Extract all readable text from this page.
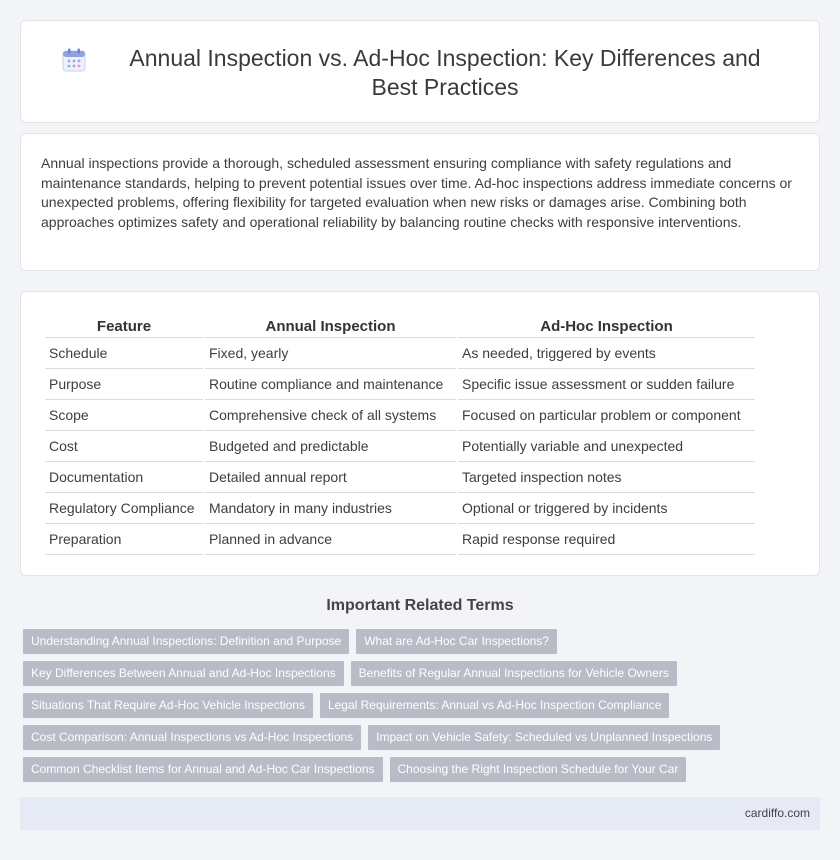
Annual Inspection vs. Ad-Hoc Inspection: Key Differences and Best Practices

Annual inspections provide a thorough, scheduled assessment ensuring compliance with safety regulations and maintenance standards, helping to prevent potential issues over time. Ad-hoc inspections address immediate concerns or unexpected problems, offering flexibility for targeted evaluation when new risks or damages arise. Combining both approaches optimizes safety and operational reliability by balancing routine checks with responsive interventions.

Feature	Annual Inspection	Ad-Hoc Inspection
Schedule	Fixed, yearly	As needed, triggered by events
Purpose	Routine compliance and maintenance	Specific issue assessment or sudden failure
Scope	Comprehensive check of all systems	Focused on particular problem or component
Cost	Budgeted and predictable	Potentially variable and unexpected
Documentation	Detailed annual report	Targeted inspection notes
Regulatory Compliance	Mandatory in many industries	Optional or triggered by incidents
Preparation	Planned in advance	Rapid response required
Important Related Terms
Understanding Annual Inspections: Definition and Purpose	What are Ad-Hoc Car Inspections?
Key Differences Between Annual and Ad-Hoc Inspections	Benefits of Regular Annual Inspections for Vehicle Owners
Situations That Require Ad-Hoc Vehicle Inspections	Legal Requirements: Annual vs Ad-Hoc Inspection Compliance
Cost Comparison: Annual Inspections vs Ad-Hoc Inspections	Impact on Vehicle Safety: Scheduled vs Unplanned Inspections
Common Checklist Items for Annual and Ad-Hoc Car Inspections	Choosing the Right Inspection Schedule for Your Car
cardiffo.com
